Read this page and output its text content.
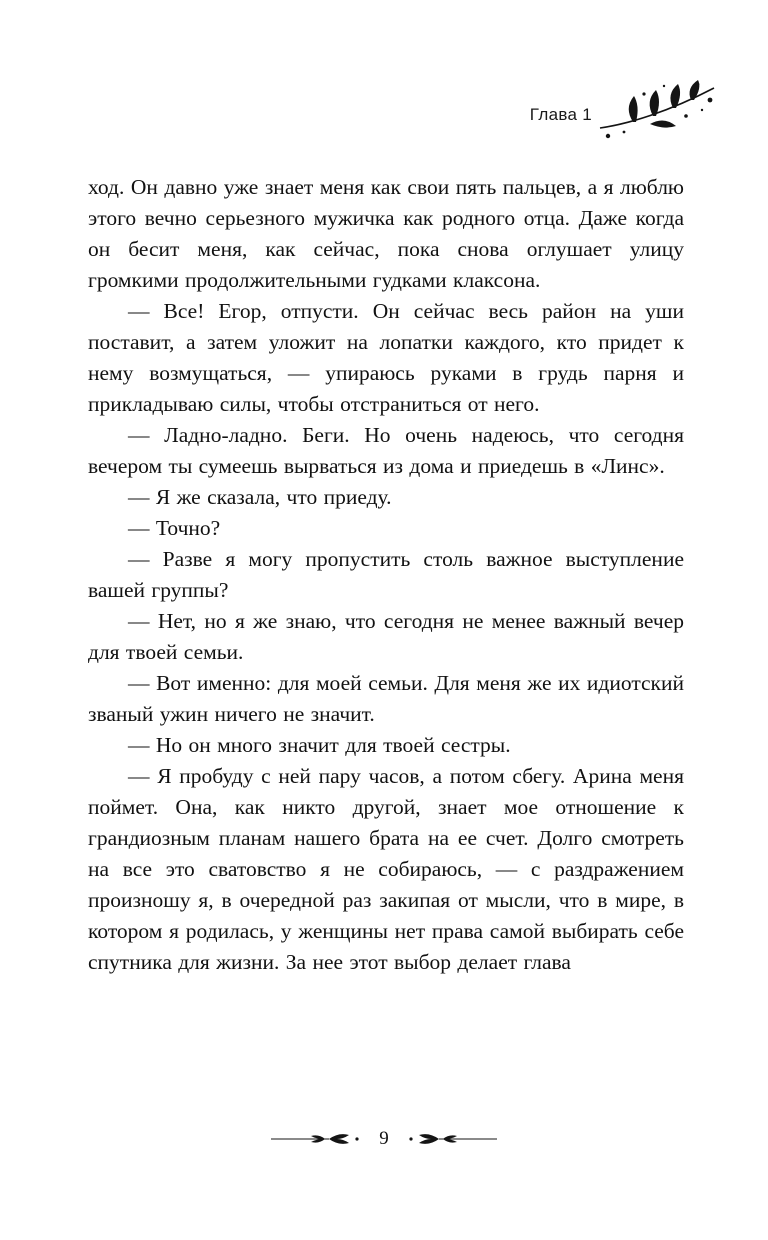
Глава 1

ход. Он давно уже знает меня как свои пять пальцев, а я люблю этого вечно серьезного мужичка как родного отца. Даже когда он бесит меня, как сейчас, пока снова оглушает улицу громкими продолжительными гудками клаксона.

— Все! Егор, отпусти. Он сейчас весь район на уши поставит, а затем уложит на лопатки каждого, кто придет к нему возмущаться, — упираюсь руками в грудь парня и прикладываю силы, чтобы отстраниться от него.

— Ладно-ладно. Беги. Но очень надеюсь, что сегодня вечером ты сумеешь вырваться из дома и приедешь в «Линс».

— Я же сказала, что приеду.

— Точно?

— Разве я могу пропустить столь важное выступление вашей группы?

— Нет, но я же знаю, что сегодня не менее важный вечер для твоей семьи.

— Вот именно: для моей семьи. Для меня же их идиотский званый ужин ничего не значит.

— Но он много значит для твоей сестры.

— Я пробуду с ней пару часов, а потом сбегу. Арина меня поймет. Она, как никто другой, знает мое отношение к грандиозным планам нашего брата на ее счет. Долго смотреть на все это сватовство я не собираюсь, — с раздражением произношу я, в очередной раз закипая от мысли, что в мире, в котором я родилась, у женщины нет права самой выбирать себе спутника для жизни. За нее этот выбор делает глава

9
